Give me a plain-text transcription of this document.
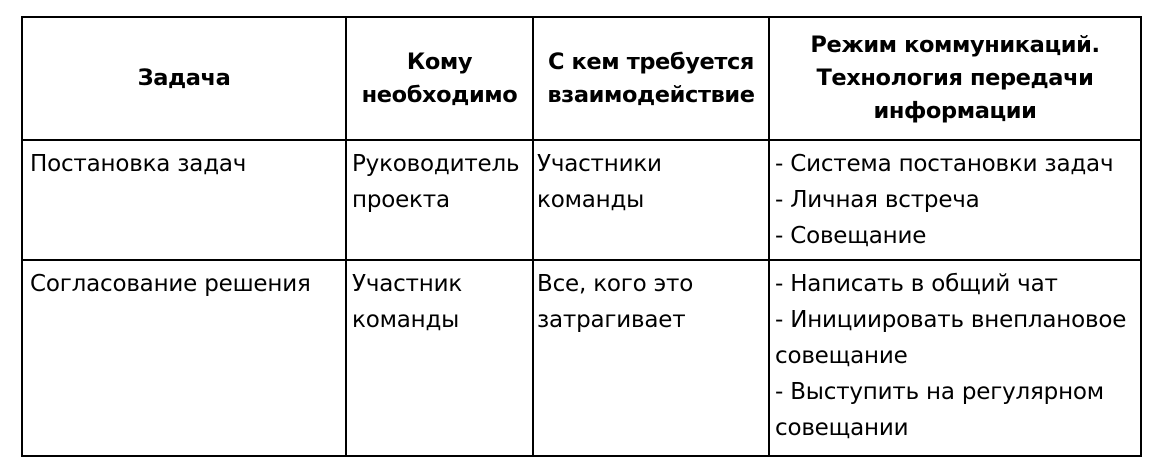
Задача	Кому необходимо	С кем требуется взаимодействие	Режим коммуникаций. Технология передачи информации

Постановка задач	Руководитель проекта	Участники команды	- Система постановки задач
- Личная встреча
- Совещание

Согласование решения	Участник команды	Все, кого это затрагивает	- Написать в общий чат
- Инициировать внеплановое совещание
- Выступить на регулярном совещании
